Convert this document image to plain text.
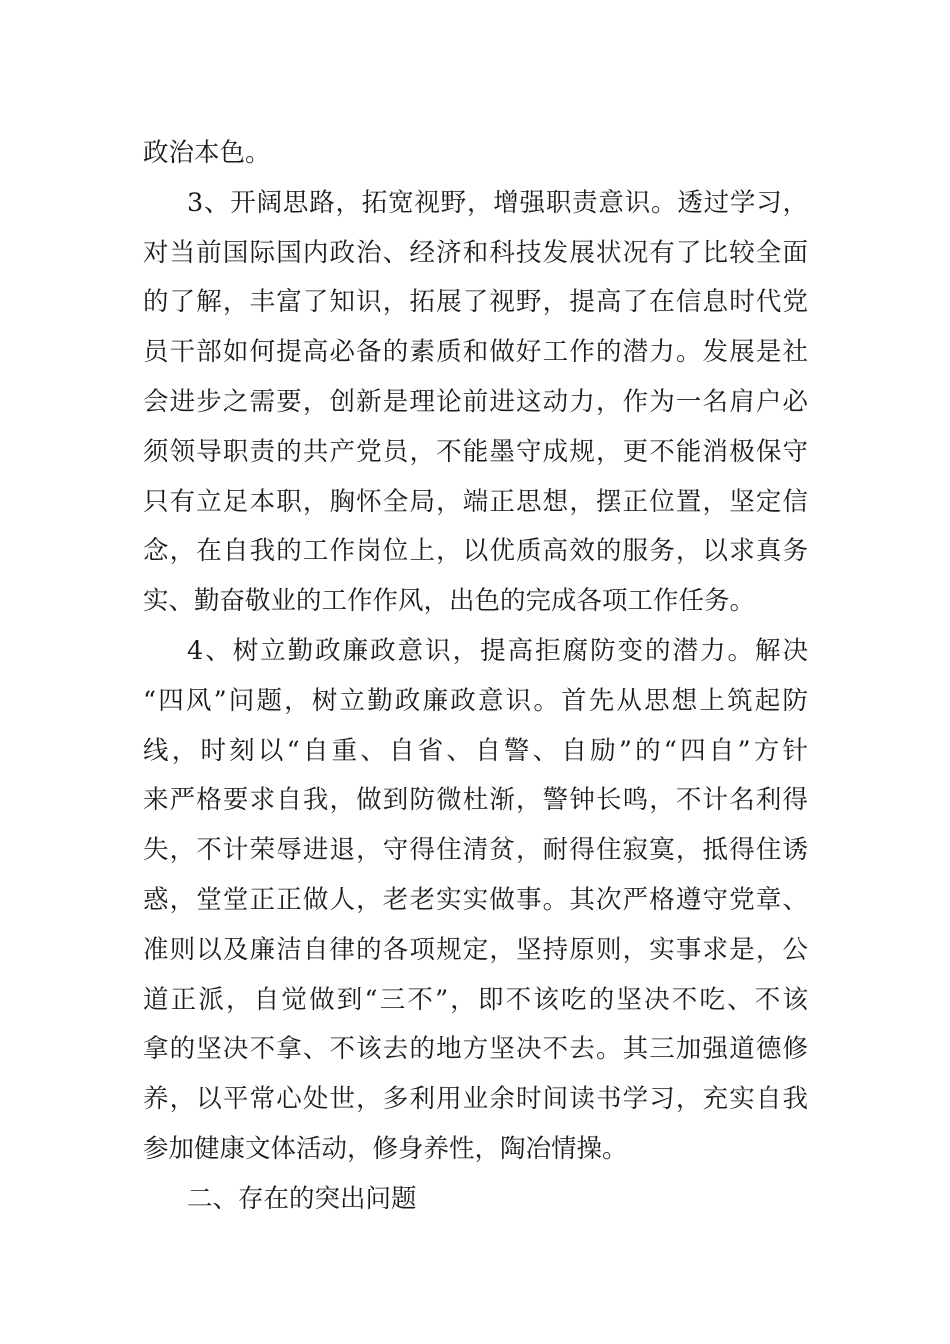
政治本色。
3、开阔思路，拓宽视野，增强职责意识。透过学习，
对当前国际国内政治、经济和科技发展状况有了比较全面
的了解，丰富了知识，拓展了视野，提高了在信息时代党
员干部如何提高必备的素质和做好工作的潜力。发展是社
会进步之需要，创新是理论前进这动力，作为一名肩户必
须领导职责的共产党员，不能墨守成规，更不能消极保守
只有立足本职，胸怀全局，端正思想，摆正位置，坚定信
念，在自我的工作岗位上，以优质高效的服务，以求真务
实、勤奋敬业的工作作风，出色的完成各项工作任务。
4、树立勤政廉政意识，提高拒腐防变的潜力。解决
“四风”问题，树立勤政廉政意识。首先从思想上筑起防
线，时刻以“自重、自省、自警、自励”的“四自”方针
来严格要求自我，做到防微杜渐，警钟长鸣，不计名利得
失，不计荣辱进退，守得住清贫，耐得住寂寞，抵得住诱
惑，堂堂正正做人，老老实实做事。其次严格遵守党章、
准则以及廉洁自律的各项规定，坚持原则，实事求是，公
道正派，自觉做到“三不”，即不该吃的坚决不吃、不该
拿的坚决不拿、不该去的地方坚决不去。其三加强道德修
养，以平常心处世，多利用业余时间读书学习，充实自我
参加健康文体活动，修身养性，陶冶情操。
二、存在的突出问题
